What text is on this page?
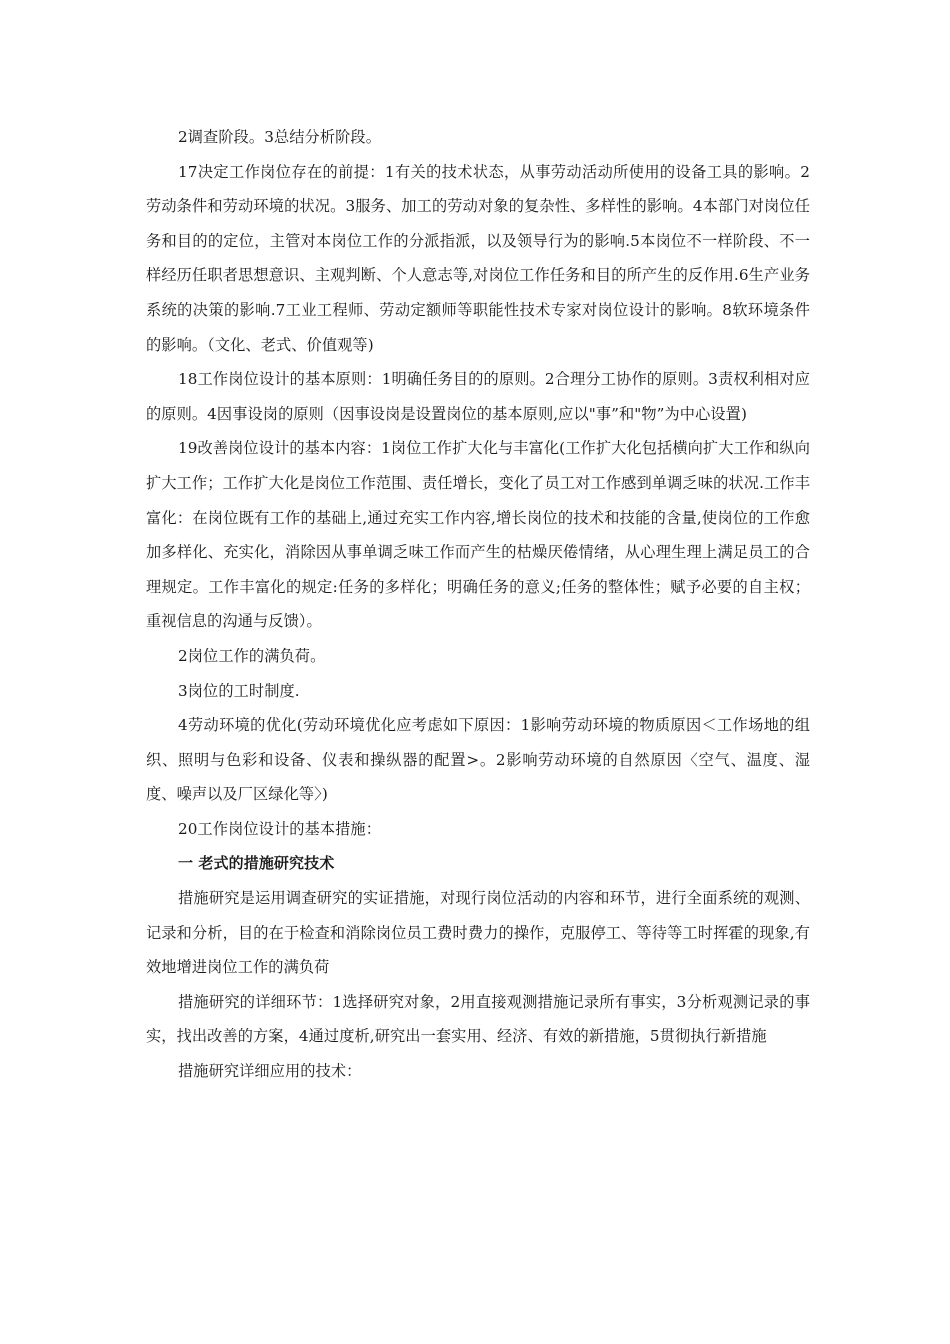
2调查阶段。3总结分析阶段。

17决定工作岗位存在的前提：1有关的技术状态，从事劳动活动所使用的设备工具的影响。2劳动条件和劳动环境的状况。3服务、加工的劳动对象的复杂性、多样性的影响。4本部门对岗位任务和目的的定位，主管对本岗位工作的分派指派，以及领导行为的影响.5本岗位不一样阶段、不一样经历任职者思想意识、主观判断、个人意志等,对岗位工作任务和目的所产生的反作用.6生产业务系统的决策的影响.7工业工程师、劳动定额师等职能性技术专家对岗位设计的影响。8软环境条件的影响。（文化、老式、价值观等)

18工作岗位设计的基本原则：1明确任务目的的原则。2合理分工协作的原则。3责权利相对应的原则。4因事设岗的原则（因事设岗是设置岗位的基本原则,应以"事”和"物”为中心设置)

19改善岗位设计的基本内容：1岗位工作扩大化与丰富化(工作扩大化包括横向扩大工作和纵向扩大工作；工作扩大化是岗位工作范围、责任增长，变化了员工对工作感到单调乏味的状况.工作丰富化：在岗位既有工作的基础上,通过充实工作内容,增长岗位的技术和技能的含量,使岗位的工作愈加多样化、充实化，消除因从事单调乏味工作而产生的枯燥厌倦情绪，从心理生理上满足员工的合理规定。工作丰富化的规定:任务的多样化；明确任务的意义;任务的整体性；赋予必要的自主权；重视信息的沟通与反馈）。

2岗位工作的满负荷。

3岗位的工时制度.

4劳动环境的优化(劳动环境优化应考虑如下原因：1影响劳动环境的物质原因＜工作场地的组织、照明与色彩和设备、仪表和操纵器的配置>。2影响劳动环境的自然原因〈空气、温度、湿度、噪声以及厂区绿化等〉)

20工作岗位设计的基本措施：

一 老式的措施研究技术

措施研究是运用调查研究的实证措施，对现行岗位活动的内容和环节，进行全面系统的观测、记录和分析，目的在于检查和消除岗位员工费时费力的操作，克服停工、等待等工时挥霍的现象,有效地增进岗位工作的满负荷

措施研究的详细环节：1选择研究对象，2用直接观测措施记录所有事实，3分析观测记录的事实，找出改善的方案，4通过度析,研究出一套实用、经济、有效的新措施，5贯彻执行新措施

措施研究详细应用的技术：
